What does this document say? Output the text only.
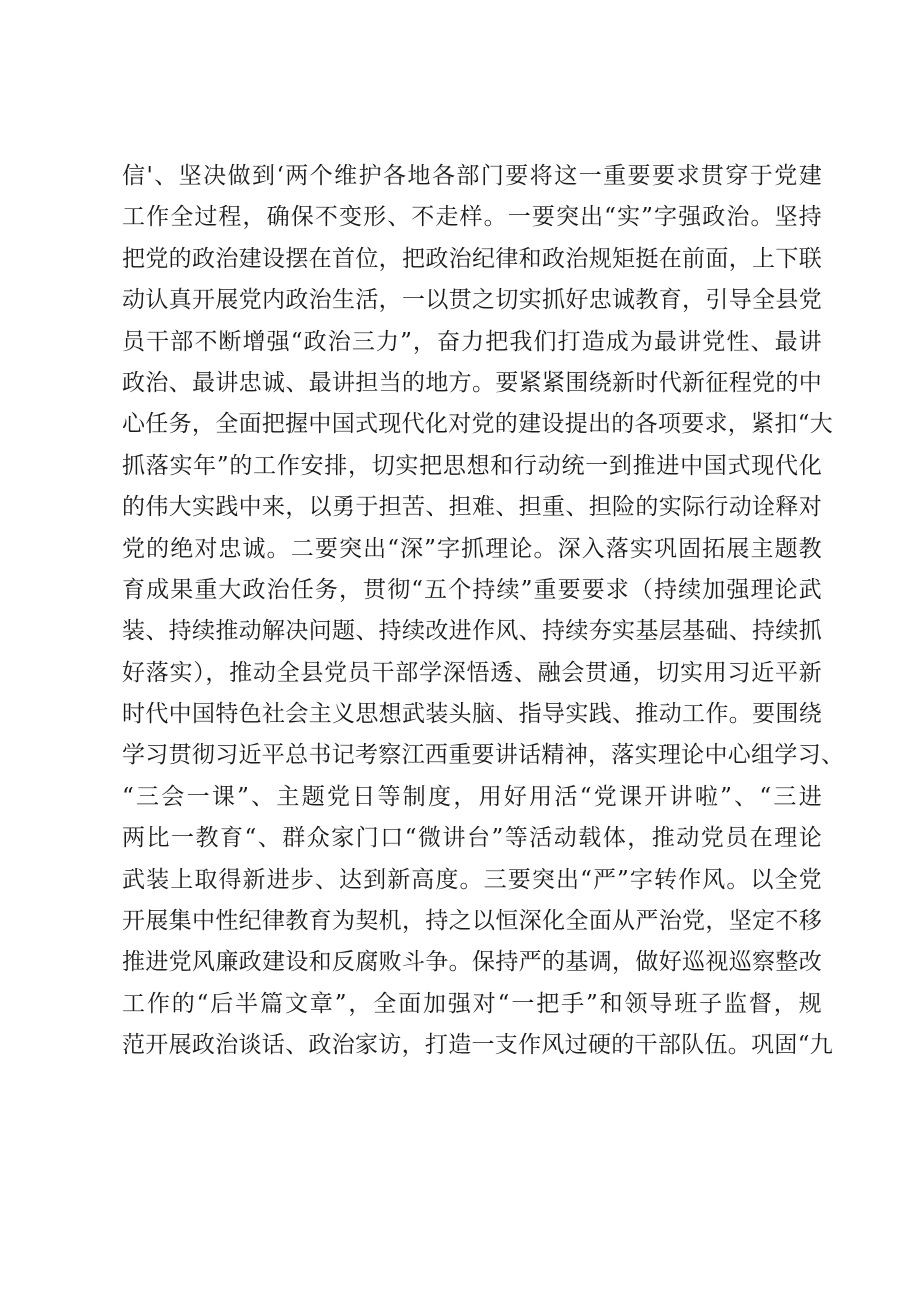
信'、坚决做到‘两个维护各地各部门要将这一重要要求贯穿于党建
工作全过程，确保不变形、不走样。一要突出“实”字强政治。坚持
把党的政治建设摆在首位，把政治纪律和政治规矩挺在前面，上下联
动认真开展党内政治生活，一以贯之切实抓好忠诚教育，引导全县党
员干部不断增强“政治三力”，奋力把我们打造成为最讲党性、最讲
政治、最讲忠诚、最讲担当的地方。要紧紧围绕新时代新征程党的中
心任务，全面把握中国式现代化对党的建设提出的各项要求，紧扣“大
抓落实年”的工作安排，切实把思想和行动统一到推进中国式现代化
的伟大实践中来，以勇于担苦、担难、担重、担险的实际行动诠释对
党的绝对忠诚。二要突出“深”字抓理论。深入落实巩固拓展主题教
育成果重大政治任务，贯彻“五个持续”重要要求（持续加强理论武
装、持续推动解决问题、持续改进作风、持续夯实基层基础、持续抓
好落实），推动全县党员干部学深悟透、融会贯通，切实用习近平新
时代中国特色社会主义思想武装头脑、指导实践、推动工作。要围绕
学习贯彻习近平总书记考察江西重要讲话精神，落实理论中心组学习、
“三会一课”、主题党日等制度，用好用活“党课开讲啦”、“三进
两比一教育“、群众家门口“微讲台”等活动载体，推动党员在理论
武装上取得新进步、达到新高度。三要突出“严”字转作风。以全党
开展集中性纪律教育为契机，持之以恒深化全面从严治党，坚定不移
推进党风廉政建设和反腐败斗争。保持严的基调，做好巡视巡察整改
工作的“后半篇文章”，全面加强对“一把手”和领导班子监督，规
范开展政治谈话、政治家访，打造一支作风过硬的干部队伍。巩固“九
